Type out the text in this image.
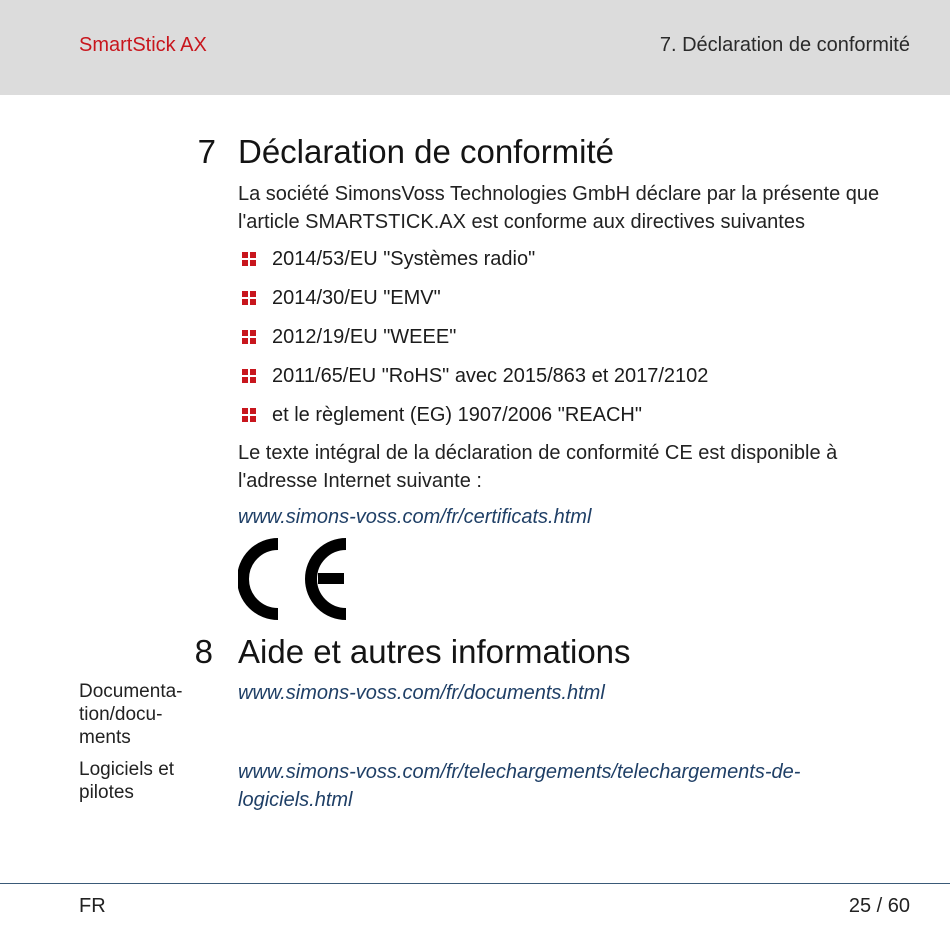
SmartStick AX	7. Déclaration de conformité
7 Déclaration de conformité
La société SimonsVoss Technologies GmbH déclare par la présente que l'article SMARTSTICK.AX est conforme aux directives suivantes
2014/53/EU "Systèmes radio"
2014/30/EU "EMV"
2012/19/EU "WEEE"
2011/65/EU "RoHS" avec 2015/863 et 2017/2102
et le règlement (EG) 1907/2006 "REACH"
Le texte intégral de la déclaration de conformité CE est disponible à l'adresse Internet suivante :
www.simons-voss.com/fr/certificats.html
8 Aide et autres informations
Documenta-
tion/docu-
ments
www.simons-voss.com/fr/documents.html
Logiciels et
pilotes
www.simons-voss.com/fr/telechargements/telechargements-de-logiciels.html
FR	25 / 60
